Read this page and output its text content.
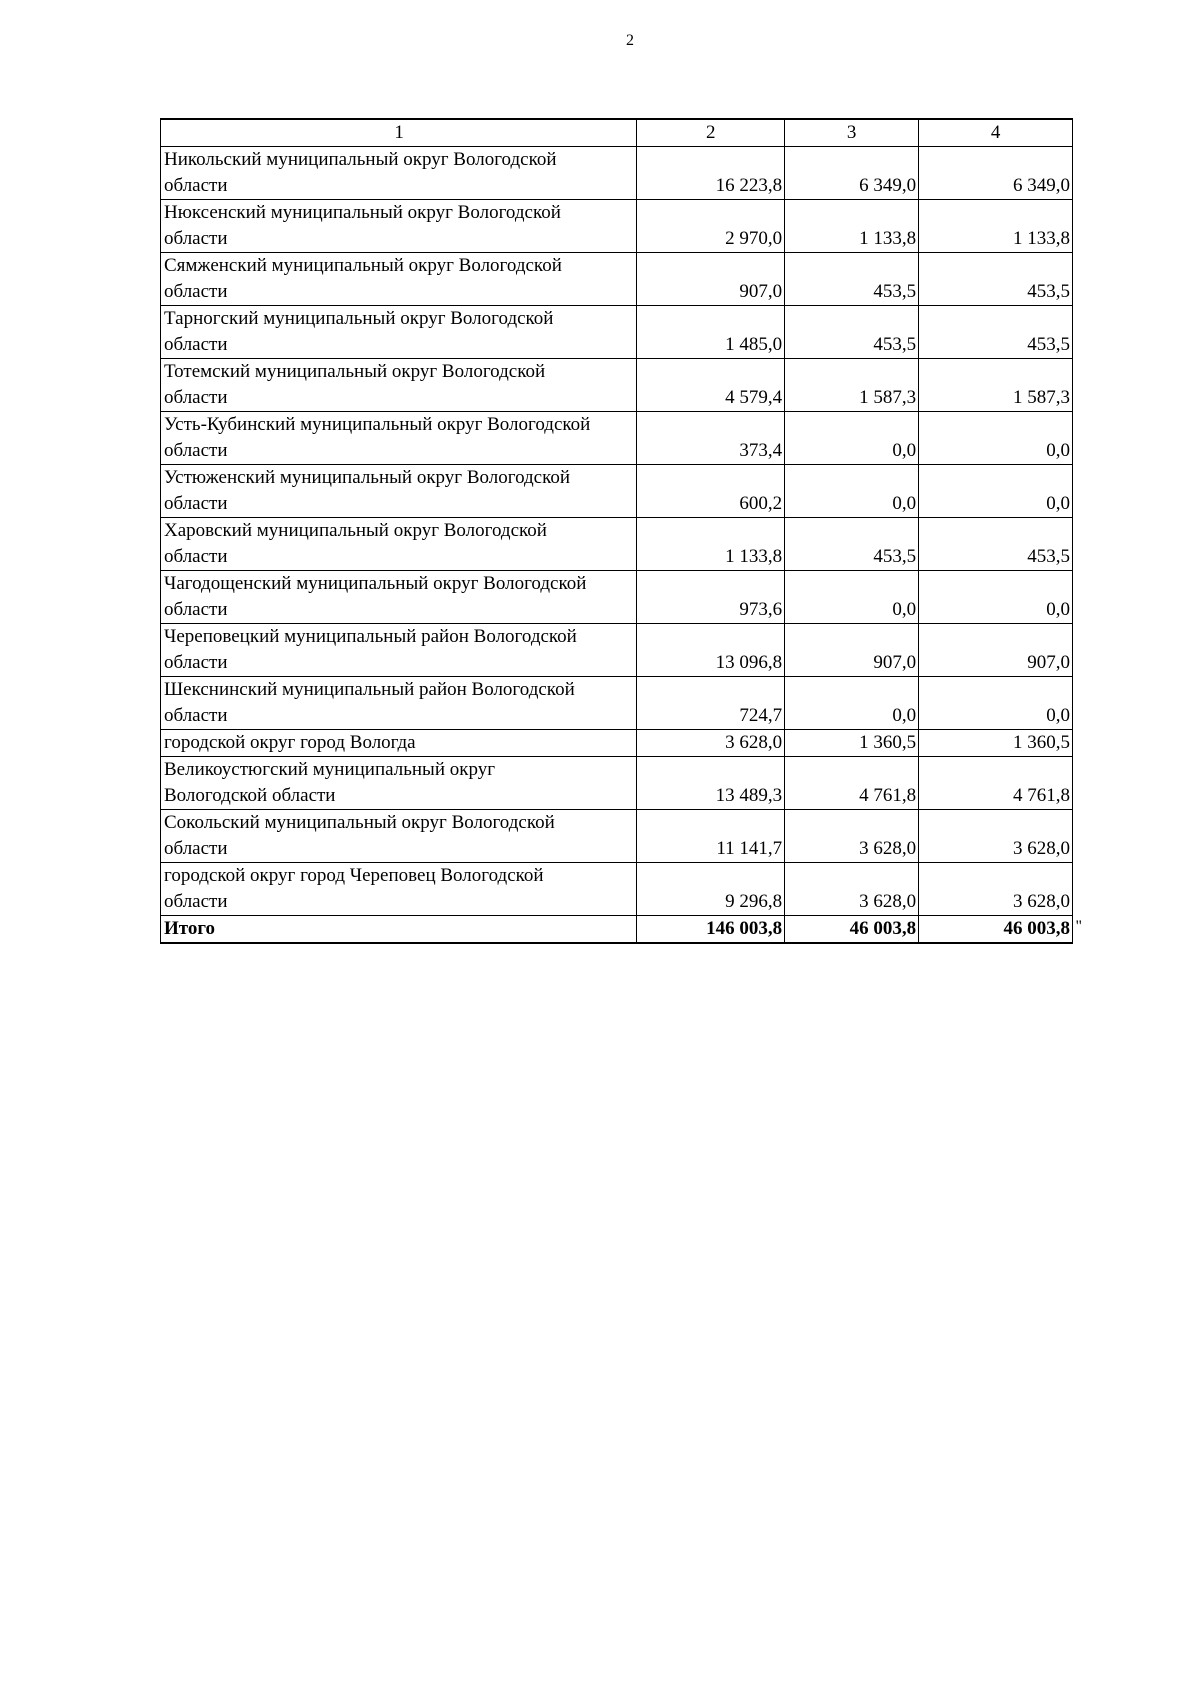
2
1	2	3	4

Никольский муниципальный округ Вологодской
области	16 223,8	6 349,0	6 349,0

Нюксенский муниципальный округ Вологодской
области	2 970,0	1 133,8	1 133,8

Сямженский муниципальный округ Вологодской
области	907,0	453,5	453,5

Тарногский муниципальный округ Вологодской
области	1 485,0	453,5	453,5

Тотемский муниципальный округ Вологодской
области	4 579,4	1 587,3	1 587,3

Усть-Кубинский муниципальный округ Вологодской
области	373,4	0,0	0,0

Устюженский муниципальный округ Вологодской
области	600,2	0,0	0,0

Харовский муниципальный округ Вологодской
области	1 133,8	453,5	453,5

Чагодощенский муниципальный округ Вологодской
области	973,6	0,0	0,0

Череповецкий муниципальный район Вологодской
области	13 096,8	907,0	907,0

Шекснинский муниципальный район Вологодской
области	724,7	0,0	0,0

городской округ город Вологда	3 628,0	1 360,5	1 360,5

Великоустюгский муниципальный округ
Вологодской области	13 489,3	4 761,8	4 761,8

Сокольский муниципальный округ Вологодской
области	11 141,7	3 628,0	3 628,0

городской округ город Череповец Вологодской
области	9 296,8	3 628,0	3 628,0
Итого	146 003,8	46 003,8	46 003,8 "
